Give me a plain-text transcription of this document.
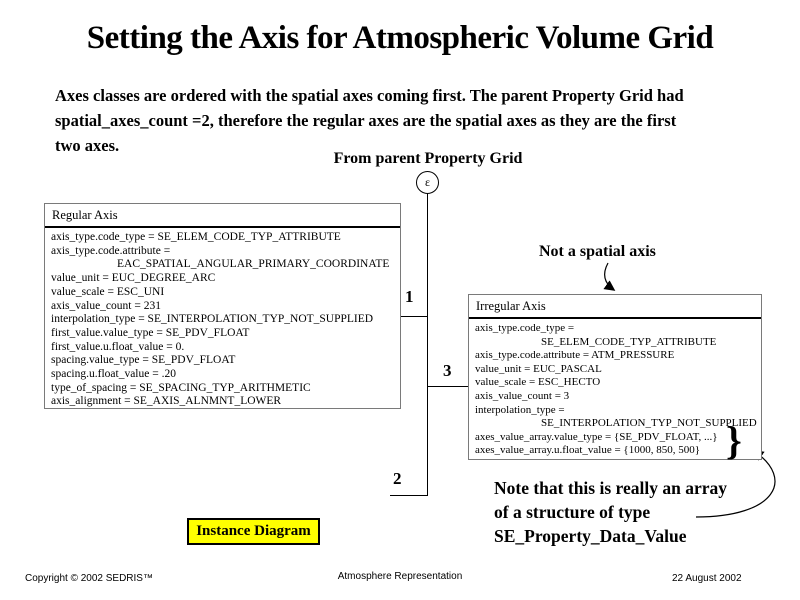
Setting the Axis for Atmospheric Volume Grid
Axes classes are ordered with the spatial axes coming first. The parent Property Grid had
spatial_axes_count =2, therefore the regular axes are the spatial axes as they are the first
two axes.
From parent Property Grid
ε
Regular Axis
axis_type.code_type = SE_ELEM_CODE_TYP_ATTRIBUTE
axis_type.code.attribute =
EAC_SPATIAL_ANGULAR_PRIMARY_COORDINATE
value_unit = EUC_DEGREE_ARC
value_scale = ESC_UNI
axis_value_count = 231
interpolation_type = SE_INTERPOLATION_TYP_NOT_SUPPLIED
first_value.value_type = SE_PDV_FLOAT
first_value.u.float_value = 0.
spacing.value_type = SE_PDV_FLOAT
spacing.u.float_value = .20
type_of_spacing = SE_SPACING_TYP_ARITHMETIC
axis_alignment = SE_AXIS_ALNMNT_LOWER
Irregular Axis
axis_type.code_type =
SE_ELEM_CODE_TYP_ATTRIBUTE
axis_type.code.attribute = ATM_PRESSURE
value_unit = EUC_PASCAL
value_scale = ESC_HECTO
axis_value_count = 3
interpolation_type =
SE_INTERPOLATION_TYP_NOT_SUPPLIED
axes_value_array.value_type = {SE_PDV_FLOAT, ...}
axes_value_array.u.float_value = {1000, 850, 500}
1
3
2
Not a spatial axis
}
Note that this is really an array
of a structure of type
SE_Property_Data_Value
Instance Diagram
Copyright © 2002 SEDRIS™	Atmosphere Representation	22 August 2002
